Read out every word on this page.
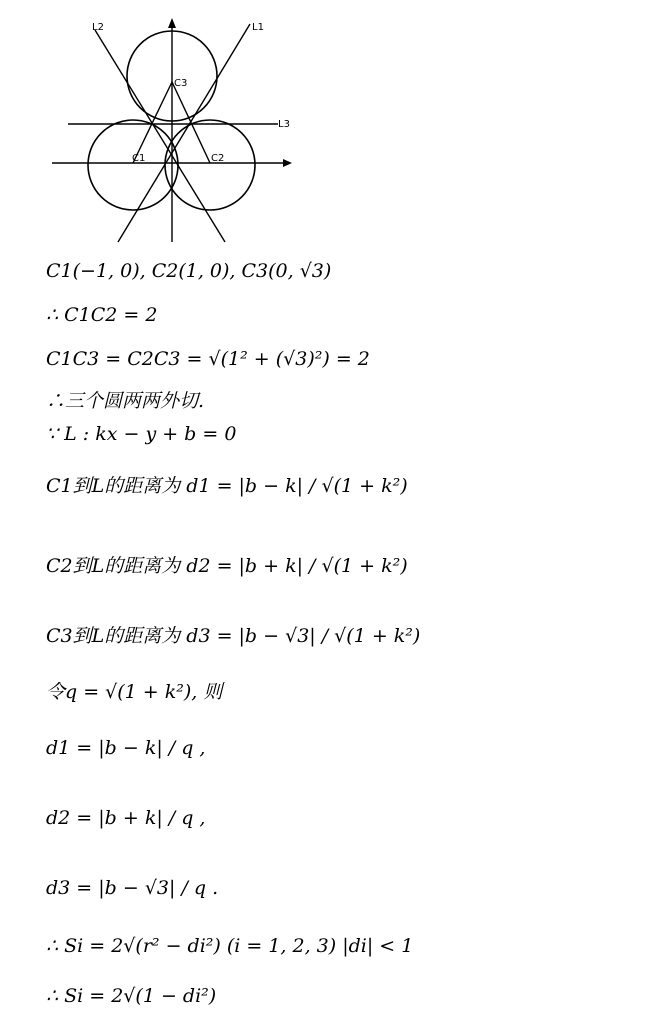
L2	L1
L3
C3
C1	C2
C1(−1, 0), C2(1, 0), C3(0, √3)
∴ C1C2 = 2
C1C3 = C2C3 = √(1² + (√3)²) = 2
∴三个圆两两外切.
∵ L : kx − y + b = 0
C1到L的距离为 d1 = |b − k| / √(1 + k²)
C2到L的距离为 d2 = |b + k| / √(1 + k²)
C3到L的距离为 d3 = |b − √3| / √(1 + k²)
令q = √(1 + k²), 则
d1 = |b − k| / q ,
d2 = |b + k| / q ,
d3 = |b − √3| / q .
∴ Si = 2√(r² − di²) (i = 1, 2, 3) |di| < 1
∴ Si = 2√(1 − di²)
